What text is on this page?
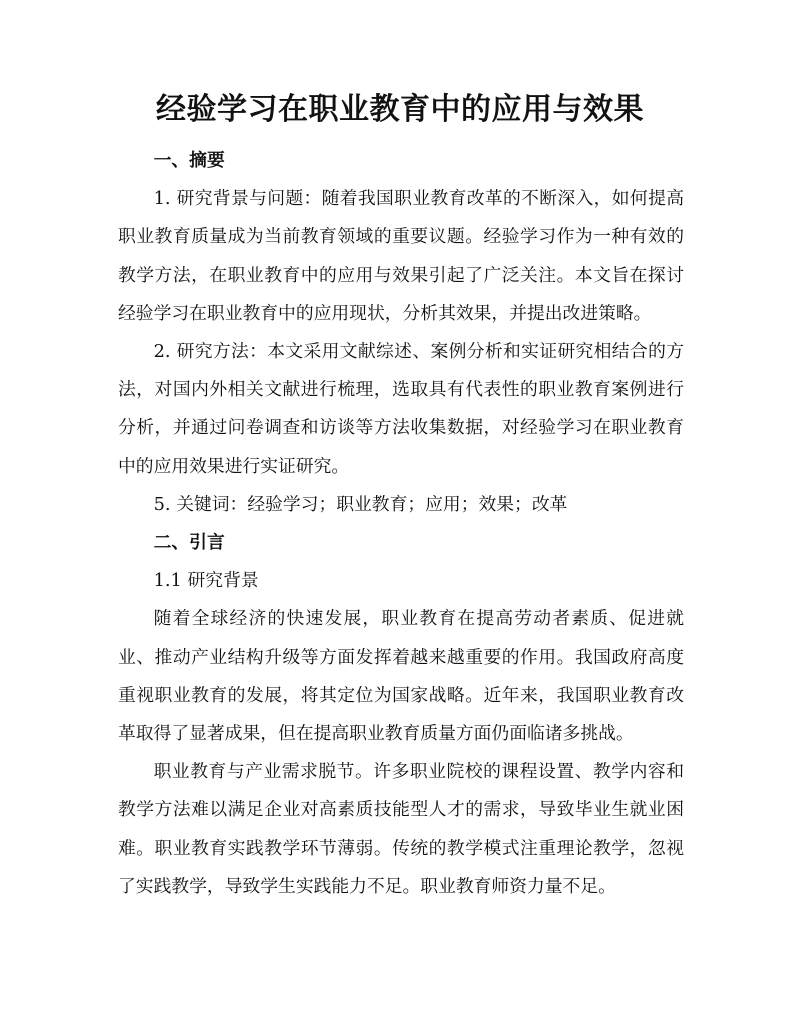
经验学习在职业教育中的应用与效果
一、摘要

1. 研究背景与问题：随着我国职业教育改革的不断深入，如何提高职业教育质量成为当前教育领域的重要议题。经验学习作为一种有效的教学方法，在职业教育中的应用与效果引起了广泛关注。本文旨在探讨经验学习在职业教育中的应用现状，分析其效果，并提出改进策略。

2. 研究方法：本文采用文献综述、案例分析和实证研究相结合的方法，对国内外相关文献进行梳理，选取具有代表性的职业教育案例进行分析，并通过问卷调查和访谈等方法收集数据，对经验学习在职业教育中的应用效果进行实证研究。

5. 关键词：经验学习；职业教育；应用；效果；改革

二、引言

1.1 研究背景

随着全球经济的快速发展，职业教育在提高劳动者素质、促进就业、推动产业结构升级等方面发挥着越来越重要的作用。我国政府高度重视职业教育的发展，将其定位为国家战略。近年来，我国职业教育改革取得了显著成果，但在提高职业教育质量方面仍面临诸多挑战。

职业教育与产业需求脱节。许多职业院校的课程设置、教学内容和教学方法难以满足企业对高素质技能型人才的需求，导致毕业生就业困难。职业教育实践教学环节薄弱。传统的教学模式注重理论教学，忽视了实践教学，导致学生实践能力不足。职业教育师资力量不足。
